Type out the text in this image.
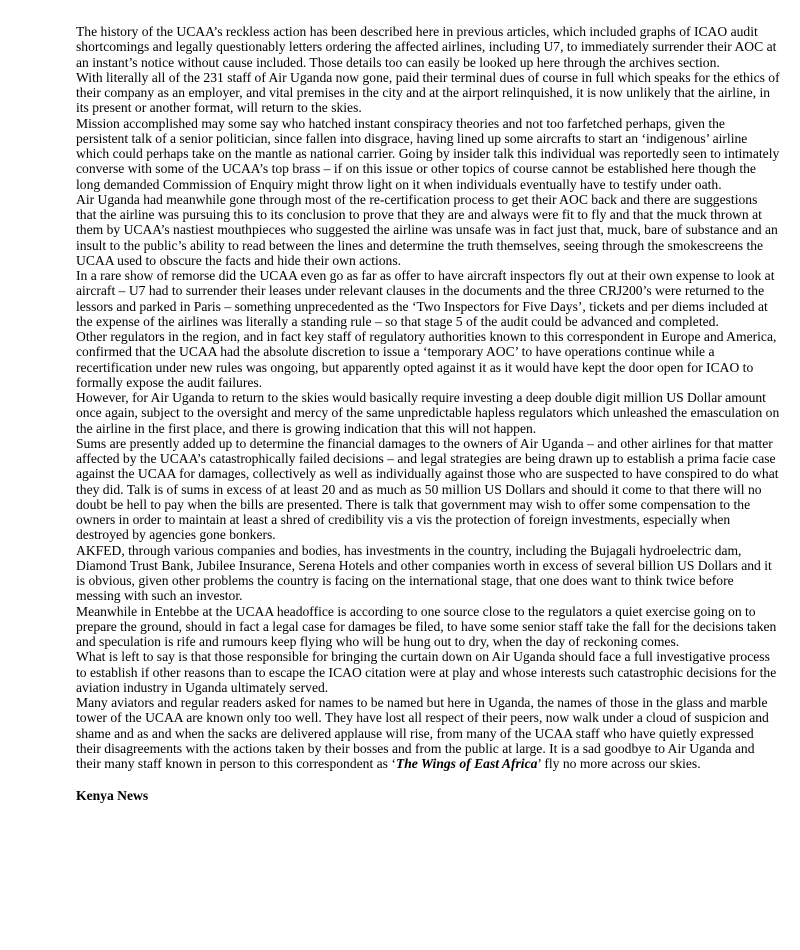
The history of the UCAA’s reckless action has been described here in previous articles, which included graphs of ICAO audit shortcomings and legally questionably letters ordering the affected airlines, including U7, to immediately surrender their AOC at an instant’s notice without cause included. Those details too can easily be looked up here through the archives section.

With literally all of the 231 staff of Air Uganda now gone, paid their terminal dues of course in full which speaks for the ethics of their company as an employer, and vital premises in the city and at the airport relinquished, it is now unlikely that the airline, in its present or another format, will return to the skies.

Mission accomplished may some say who hatched instant conspiracy theories and not too farfetched perhaps, given the persistent talk of a senior politician, since fallen into disgrace, having lined up some aircrafts to start an ‘indigenous’ airline which could perhaps take on the mantle as national carrier. Going by insider talk this individual was reportedly seen to intimately converse with some of the UCAA’s top brass – if on this issue or other topics of course cannot be established here though the long demanded Commission of Enquiry might throw light on it when individuals eventually have to testify under oath.

Air Uganda had meanwhile gone through most of the re-certification process to get their AOC back and there are suggestions that the airline was pursuing this to its conclusion to prove that they are and always were fit to fly and that the muck thrown at them by UCAA’s nastiest mouthpieces who suggested the airline was unsafe was in fact just that, muck, bare of substance and an insult to the public’s ability to read between the lines and determine the truth themselves, seeing through the smokescreens the UCAA used to obscure the facts and hide their own actions.

In a rare show of remorse did the UCAA even go as far as offer to have aircraft inspectors fly out at their own expense to look at aircraft – U7 had to surrender their leases under relevant clauses in the documents and the three CRJ200’s were returned to the lessors and parked in Paris – something unprecedented as the ‘Two Inspectors for Five Days’, tickets and per diems included at the expense of the airlines was literally a standing rule – so that stage 5 of the audit could be advanced and completed.

Other regulators in the region, and in fact key staff of regulatory authorities known to this correspondent in Europe and America, confirmed that the UCAA had the absolute discretion to issue a ‘temporary AOC’ to have operations continue while a recertification under new rules was ongoing, but apparently opted against it as it would have kept the door open for ICAO to formally expose the audit failures.

However, for Air Uganda to return to the skies would basically require investing a deep double digit million US Dollar amount once again, subject to the oversight and mercy of the same unpredictable hapless regulators which unleashed the emasculation on the airline in the first place, and there is growing indication that this will not happen.

Sums are presently added up to determine the financial damages to the owners of Air Uganda – and other airlines for that matter affected by the UCAA’s catastrophically failed decisions – and legal strategies are being drawn up to establish a prima facie case against the UCAA for damages, collectively as well as individually against those who are suspected to have conspired to do what they did. Talk is of sums in excess of at least 20 and as much as 50 million US Dollars and should it come to that there will no doubt be hell to pay when the bills are presented. There is talk that government may wish to offer some compensation to the owners in order to maintain at least a shred of credibility vis a vis the protection of foreign investments, especially when destroyed by agencies gone bonkers.

AKFED, through various companies and bodies, has investments in the country, including the Bujagali hydroelectric dam, Diamond Trust Bank, Jubilee Insurance, Serena Hotels and other companies worth in excess of several billion US Dollars and it is obvious, given other problems the country is facing on the international stage, that one does want to think twice before messing with such an investor.

Meanwhile in Entebbe at the UCAA headoffice is according to one source close to the regulators a quiet exercise going on to prepare the ground, should in fact a legal case for damages be filed, to have some senior staff take the fall for the decisions taken and speculation is rife and rumours keep flying who will be hung out to dry, when the day of reckoning comes.

What is left to say is that those responsible for bringing the curtain down on Air Uganda should face a full investigative process to establish if other reasons than to escape the ICAO citation were at play and whose interests such catastrophic decisions for the aviation industry in Uganda ultimately served.

Many aviators and regular readers asked for names to be named but here in Uganda, the names of those in the glass and marble tower of the UCAA are known only too well. They have lost all respect of their peers, now walk under a cloud of suspicion and shame and as and when the sacks are delivered applause will rise, from many of the UCAA staff who have quietly expressed their disagreements with the actions taken by their bosses and from the public at large. It is a sad goodbye to Air Uganda and their many staff known in person to this correspondent as ‘The Wings of East Africa’ fly no more across our skies.

Kenya News
